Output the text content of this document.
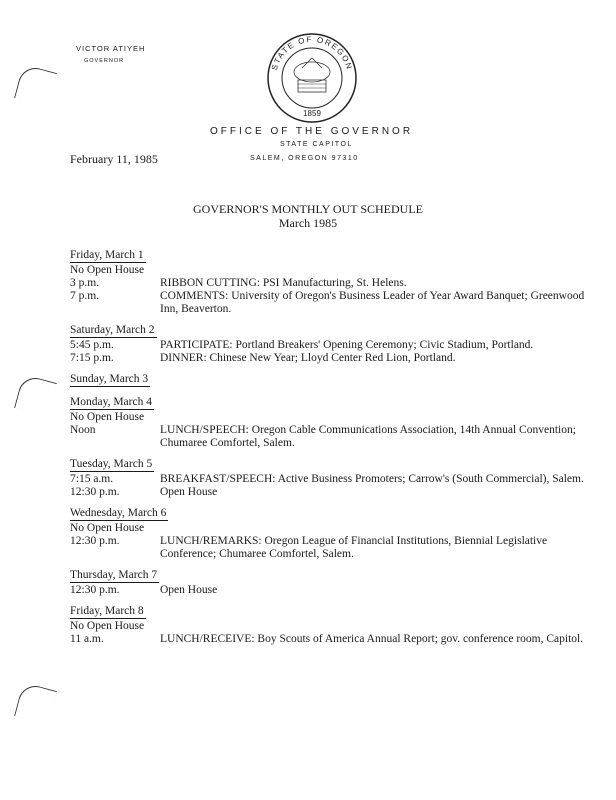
VICTOR ATIYEH
GOVERNOR
STATE OF OREGON
1859
OFFICE OF THE GOVERNOR
STATE CAPITOL
SALEM, OREGON 97310
February 11, 1985
GOVERNOR'S MONTHLY OUT SCHEDULE
March 1985
Friday, March 1
No Open House
3 p.m.	RIBBON CUTTING: PSI Manufacturing, St. Helens.
7 p.m.	COMMENTS: University of Oregon's Business Leader of Year Award Banquet; Greenwood Inn, Beaverton.
Saturday, March 2
5:45 p.m.	PARTICIPATE: Portland Breakers' Opening Ceremony; Civic Stadium, Portland.
7:15 p.m.	DINNER: Chinese New Year; Lloyd Center Red Lion, Portland.
Sunday, March 3
Monday, March 4
No Open House
Noon	LUNCH/SPEECH: Oregon Cable Communications Association, 14th Annual Convention; Chumaree Comfortel, Salem.
Tuesday, March 5
7:15 a.m.	BREAKFAST/SPEECH: Active Business Promoters; Carrow's (South Commercial), Salem.
12:30 p.m.	Open House
Wednesday, March 6
No Open House
12:30 p.m.	LUNCH/REMARKS: Oregon League of Financial Institutions, Biennial Legislative Conference; Chumaree Comfortel, Salem.
Thursday, March 7
12:30 p.m.	Open House
Friday, March 8
No Open House
11 a.m.	LUNCH/RECEIVE: Boy Scouts of America Annual Report; gov. conference room, Capitol.
